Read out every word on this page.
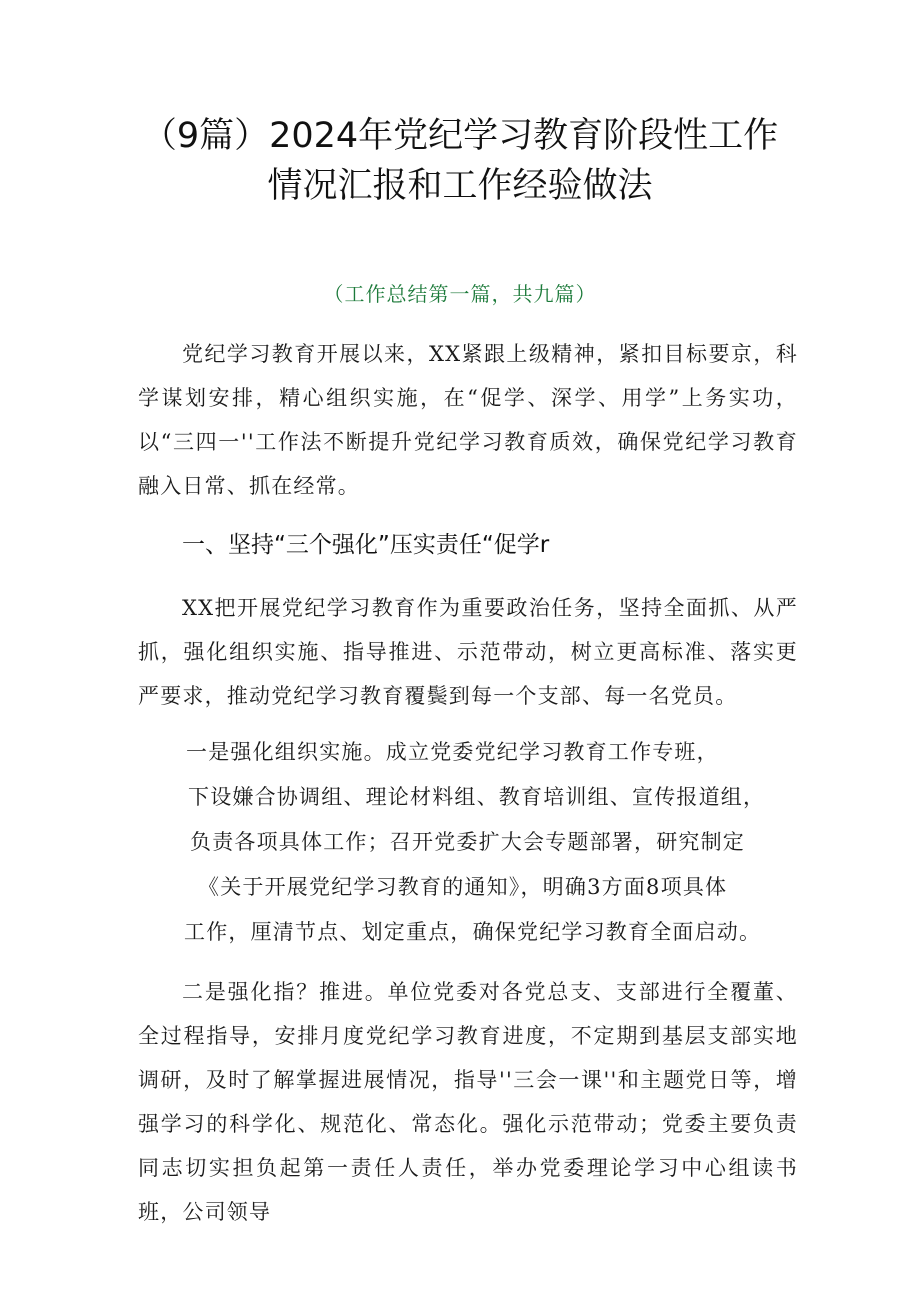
（9篇）2024年党纪学习教育阶段性工作
情况汇报和工作经验做法
（工作总结第一篇，共九篇）
党纪学习教育开展以来，XX紧跟上级精神，紧扣目标要京，科学谋划安排，精心组织实施，在“促学、深学、用学”上务实功，以“三四一''工作法不断提升党纪学习教育质效，确保党纪学习教育融入日常、抓在经常。
一、坚持“三个强化”压实责任“促学r
XX把开展党纪学习教育作为重要政治任务，坚持全面抓、从严抓，强化组织实施、指导推进、示范带动，树立更高标准、落实更严要求，推动党纪学习教育覆鬓到每一个支部、每一名党员。
一是强化组织实施。成立党委党纪学习教育工作专班，
下设嫌合协调组、理论材料组、教育培训组、宣传报道组，
负责各项具体工作；召开党委扩大会专题部署，研究制定
《关于开展党纪学习教育的通知》，明确3方面8项具体
工作，厘清节点、划定重点，确保党纪学习教育全面启动。
二是强化指？推进。单位党委对各党总支、支部进行全覆董、全过程指导，安排月度党纪学习教育进度，不定期到基层支部实地调研，及时了解掌握进展情况，指导''三会一课''和主题党日等，增强学习的科学化、规范化、常态化。强化示范带动；党委主要负责同志切实担负起第一责任人责任，举办党委理论学习中心组读书班，公司领导
